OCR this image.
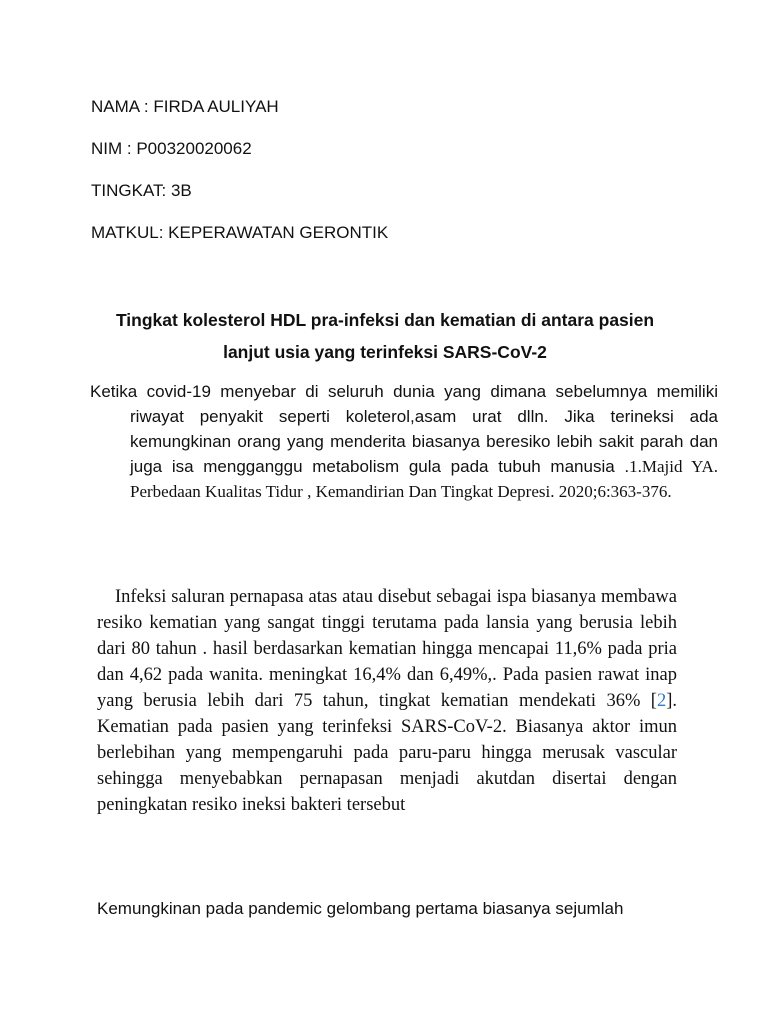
NAMA : FIRDA AULIYAH

NIM : P00320020062

TINGKAT: 3B

MATKUL: KEPERAWATAN GERONTIK

Tingkat kolesterol HDL pra-infeksi dan kematian di antara pasien
lanjut usia yang terinfeksi SARS-CoV-2

Ketika covid-19 menyebar di seluruh dunia yang dimana sebelumnya memiliki riwayat penyakit seperti koleterol,asam urat dlln. Jika terineksi ada kemungkinan orang yang menderita biasanya beresiko lebih sakit parah dan juga isa mengganggu metabolism gula pada tubuh manusia .1.Majid YA. Perbedaan Kualitas Tidur , Kemandirian Dan Tingkat Depresi. 2020;6:363-376.

Infeksi saluran pernapasa atas atau disebut sebagai ispa biasanya membawa resiko kematian yang sangat tinggi terutama pada lansia yang berusia lebih dari 80 tahun . hasil berdasarkan kematian hingga mencapai 11,6% pada pria dan 4,62 pada wanita. meningkat 16,4% dan 6,49%,. Pada pasien rawat inap yang berusia lebih dari 75 tahun, tingkat kematian mendekati 36% [2]. Kematian pada pasien yang terinfeksi SARS-CoV-2. Biasanya aktor imun berlebihan yang mempengaruhi pada paru-paru hingga merusak vascular sehingga menyebabkan pernapasan menjadi akutdan disertai dengan peningkatan resiko ineksi bakteri tersebut

Kemungkinan pada pandemic gelombang pertama biasanya sejumlah
